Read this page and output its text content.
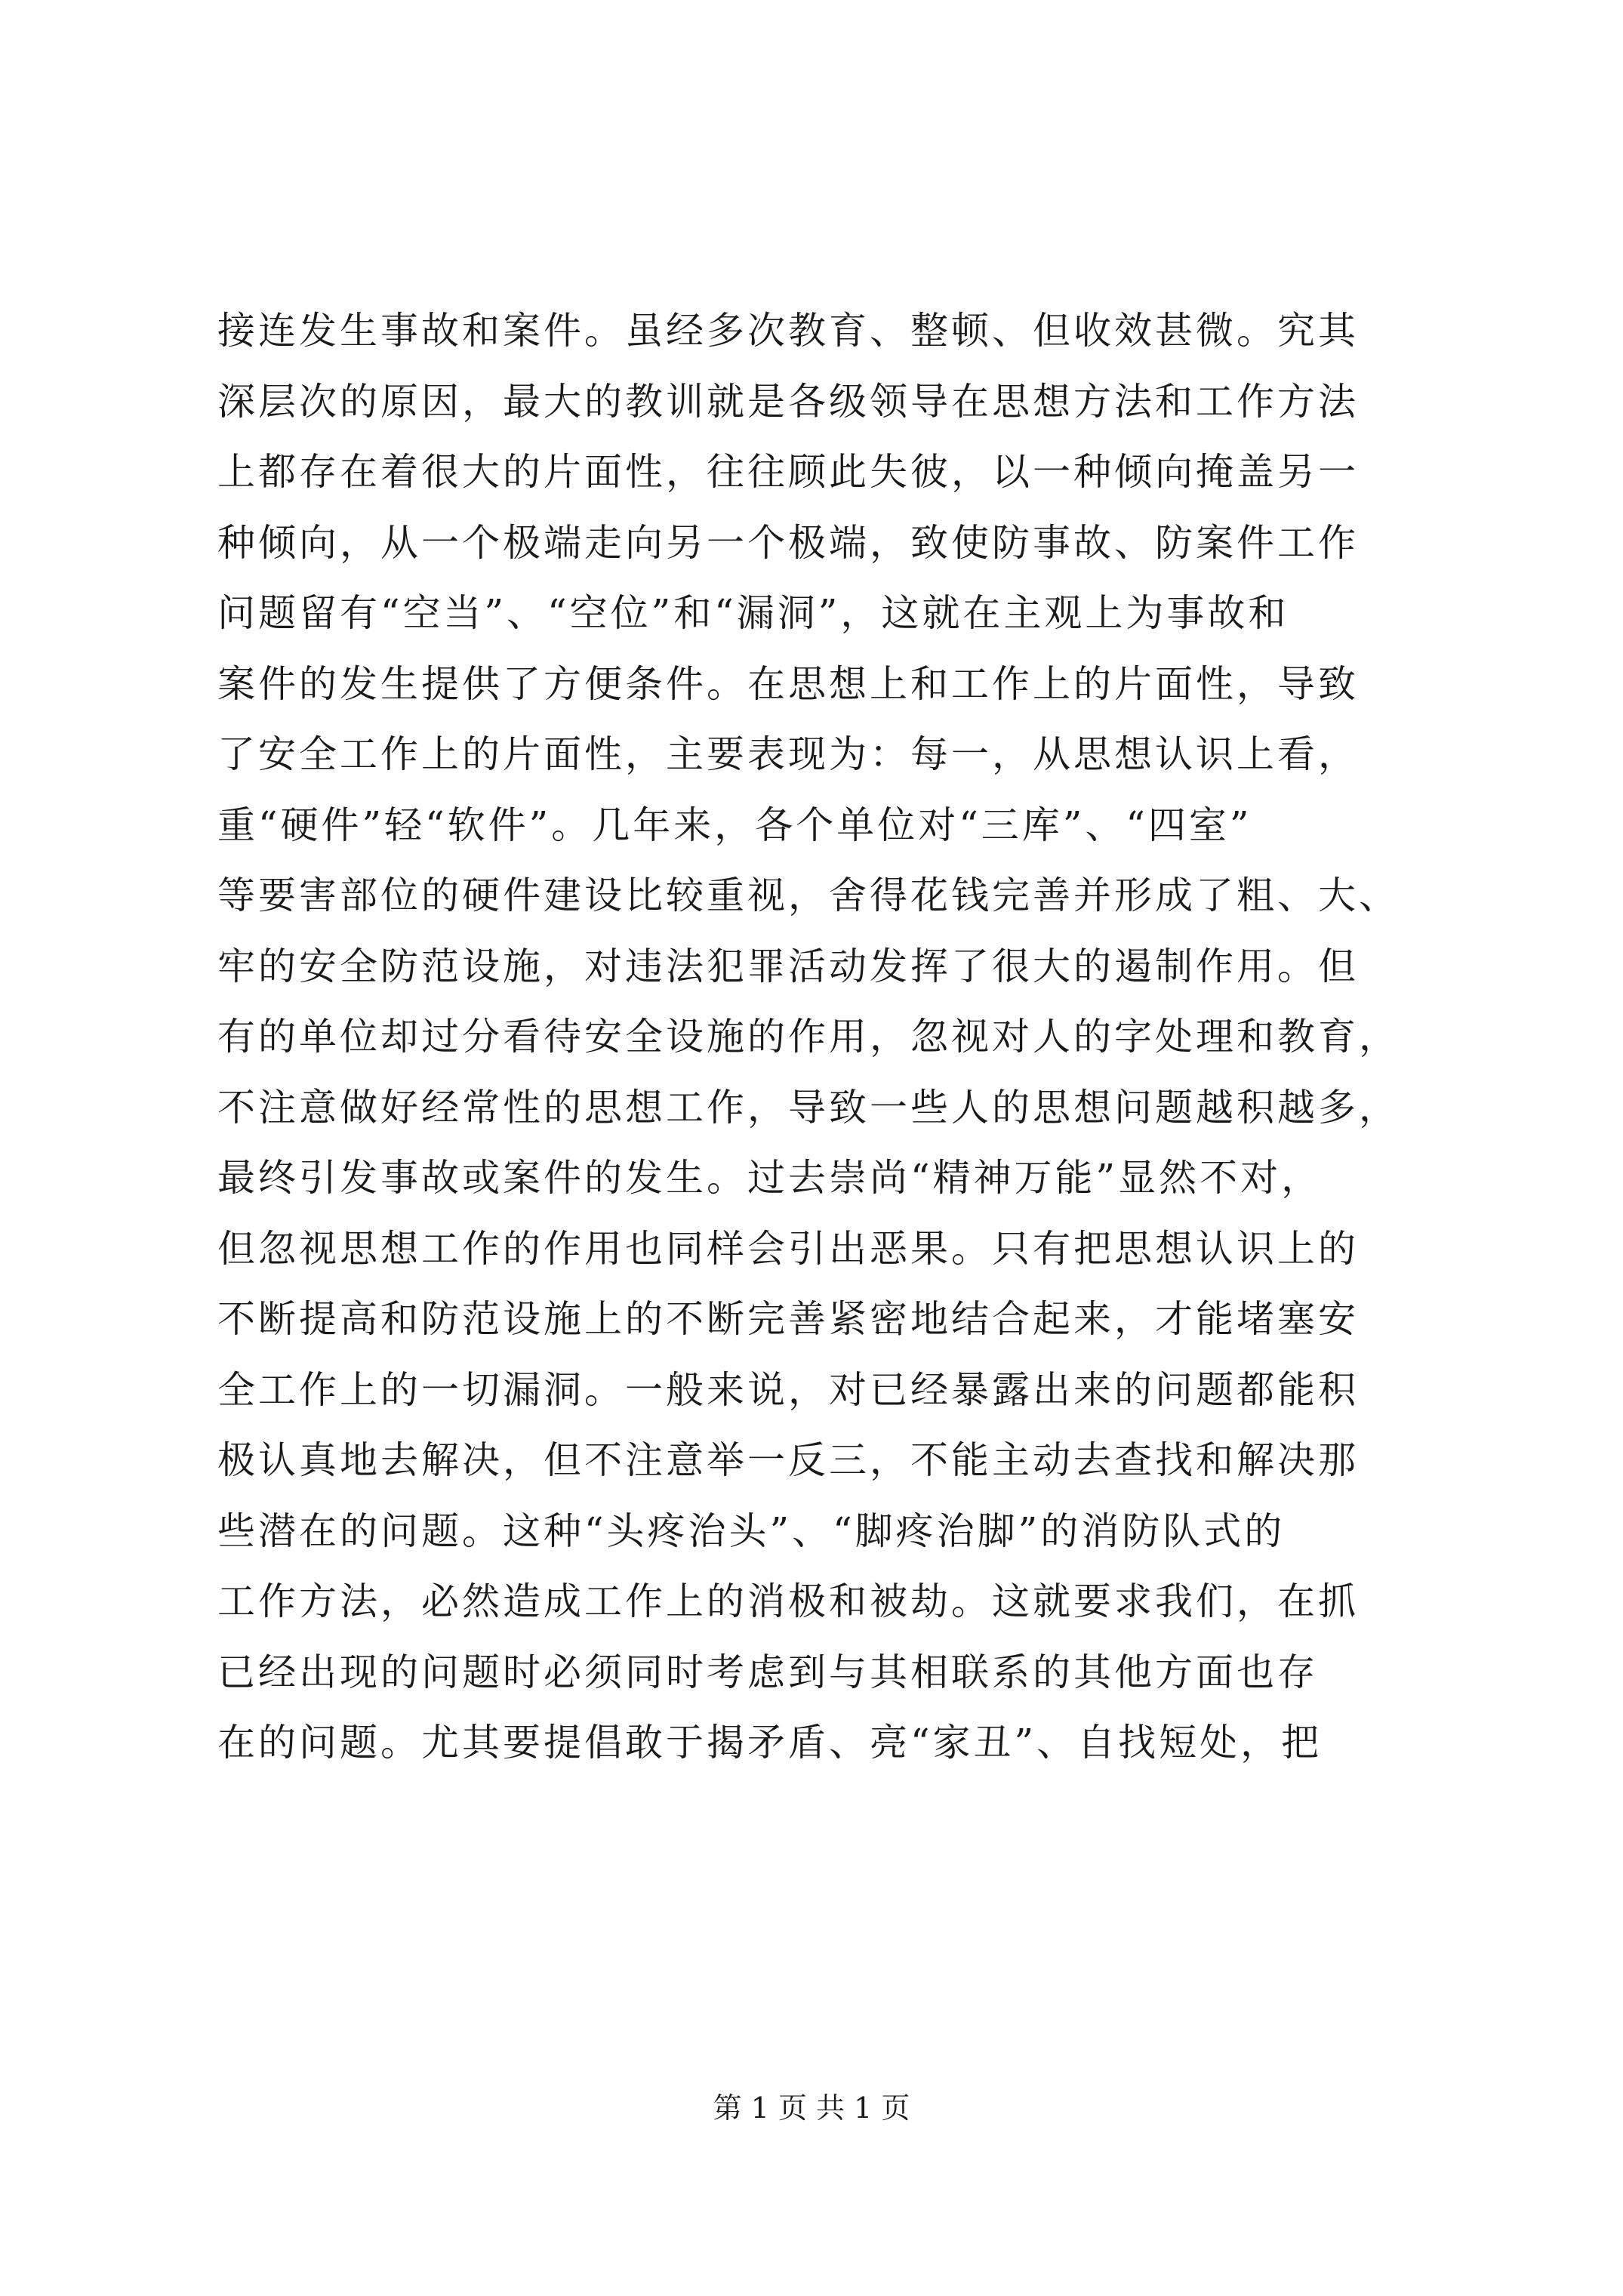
接连发生事故和案件。虽经多次教育、整顿、但收效甚微。究其
深层次的原因，最大的教训就是各级领导在思想方法和工作方法
上都存在着很大的片面性，往往顾此失彼，以一种倾向掩盖另一
种倾向，从一个极端走向另一个极端，致使防事故、防案件工作
问题留有“空当”、“空位”和“漏洞”，这就在主观上为事故和
案件的发生提供了方便条件。在思想上和工作上的片面性，导致
了安全工作上的片面性，主要表现为：每一，从思想认识上看，
重“硬件”轻“软件”。几年来，各个单位对“三库”、“四室”
等要害部位的硬件建设比较重视，舍得花钱完善并形成了粗、大、
牢的安全防范设施，对违法犯罪活动发挥了很大的遏制作用。但
有的单位却过分看待安全设施的作用，忽视对人的字处理和教育，
不注意做好经常性的思想工作，导致一些人的思想问题越积越多，
最终引发事故或案件的发生。过去崇尚“精神万能”显然不对，
但忽视思想工作的作用也同样会引出恶果。只有把思想认识上的
不断提高和防范设施上的不断完善紧密地结合起来，才能堵塞安
全工作上的一切漏洞。一般来说，对已经暴露出来的问题都能积
极认真地去解决，但不注意举一反三，不能主动去查找和解决那
些潜在的问题。这种“头疼治头”、“脚疼治脚”的消防队式的
工作方法，必然造成工作上的消极和被劫。这就要求我们，在抓
已经出现的问题时必须同时考虑到与其相联系的其他方面也存
在的问题。尤其要提倡敢于揭矛盾、亮“家丑”、自找短处，把
第 1 页 共 1 页
